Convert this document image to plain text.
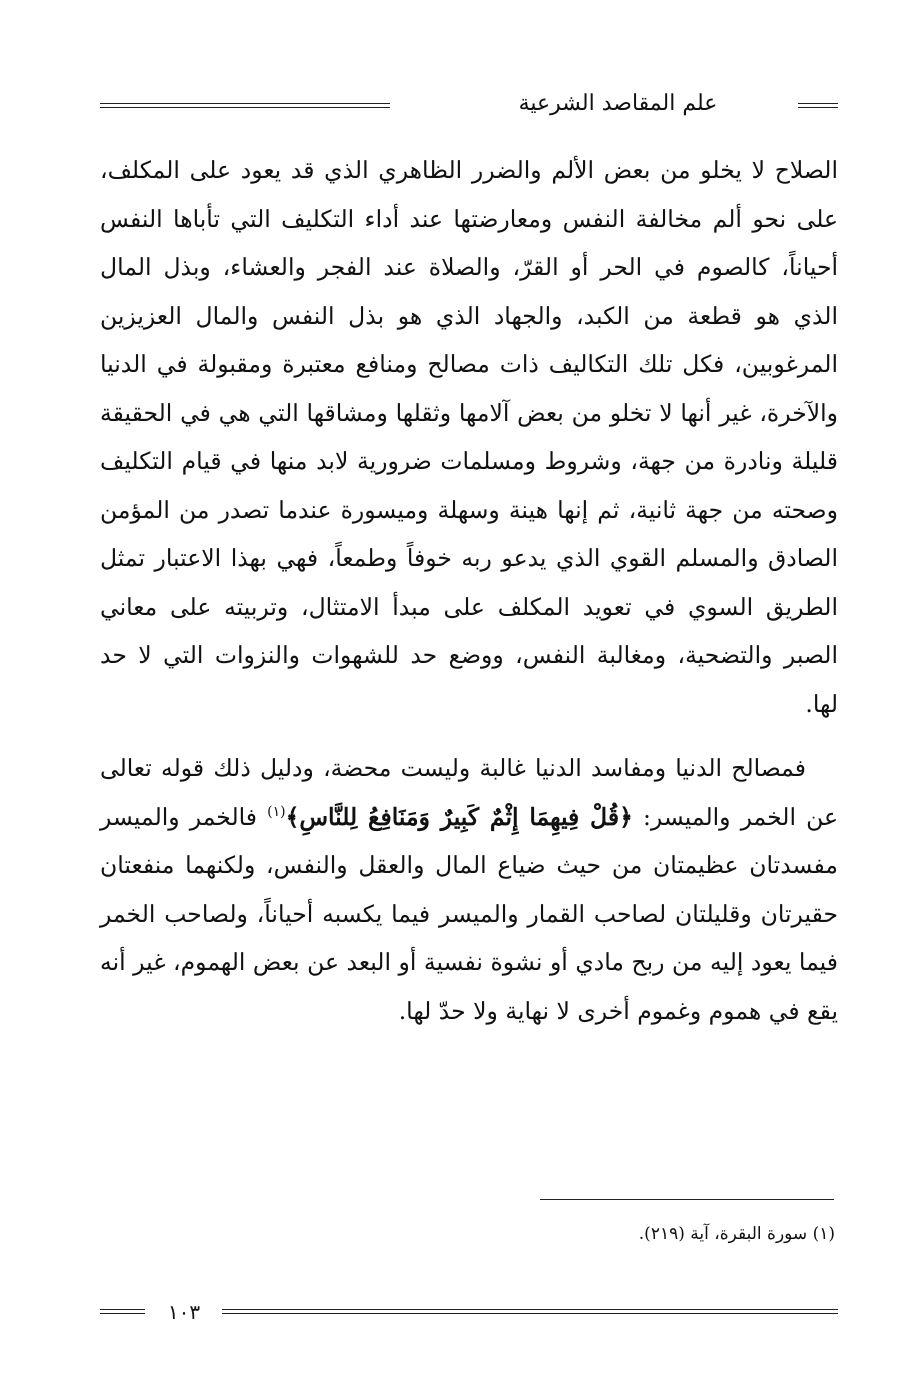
علم المقاصد الشرعية

الصلاح لا يخلو من بعض الألم والضرر الظاهري الذي قد يعود على المكلف، على نحو ألم مخالفة النفس ومعارضتها عند أداء التكليف التي تأباها النفس أحياناً، كالصوم في الحر أو القرّ، والصلاة عند الفجر والعشاء، وبذل المال الذي هو قطعة من الكبد، والجهاد الذي هو بذل النفس والمال العزيزين المرغوبين، فكل تلك التكاليف ذات مصالح ومنافع معتبرة ومقبولة في الدنيا والآخرة، غير أنها لا تخلو من بعض آلامها وثقلها ومشاقها التي هي في الحقيقة قليلة ونادرة من جهة، وشروط ومسلمات ضرورية لابد منها في قيام التكليف وصحته من جهة ثانية، ثم إنها هينة وسهلة وميسورة عندما تصدر من المؤمن الصادق والمسلم القوي الذي يدعو ربه خوفاً وطمعاً، فهي بهذا الاعتبار تمثل الطريق السوي في تعويد المكلف على مبدأ الامتثال، وتربيته على معاني الصبر والتضحية، ومغالبة النفس، ووضع حد للشهوات والنزوات التي لا حد لها.

فمصالح الدنيا ومفاسد الدنيا غالبة وليست محضة، ودليل ذلك قوله تعالى عن الخمر والميسر: ﴿قُلْ فِيهِمَا إِثْمٌ كَبِيرٌ وَمَنَافِعُ لِلنَّاسِ﴾$^{(١)}$ فالخمر والميسر مفسدتان عظيمتان من حيث ضياع المال والعقل والنفس، ولكنهما منفعتان حقيرتان وقليلتان لصاحب القمار والميسر فيما يكسبه أحياناً، ولصاحب الخمر فيما يعود إليه من ربح مادي أو نشوة نفسية أو البعد عن بعض الهموم، غير أنه يقع في هموم وغموم أخرى لا نهاية ولا حدّ لها.

(١) سورة البقرة، آية (٢١٩).
١٠٣
